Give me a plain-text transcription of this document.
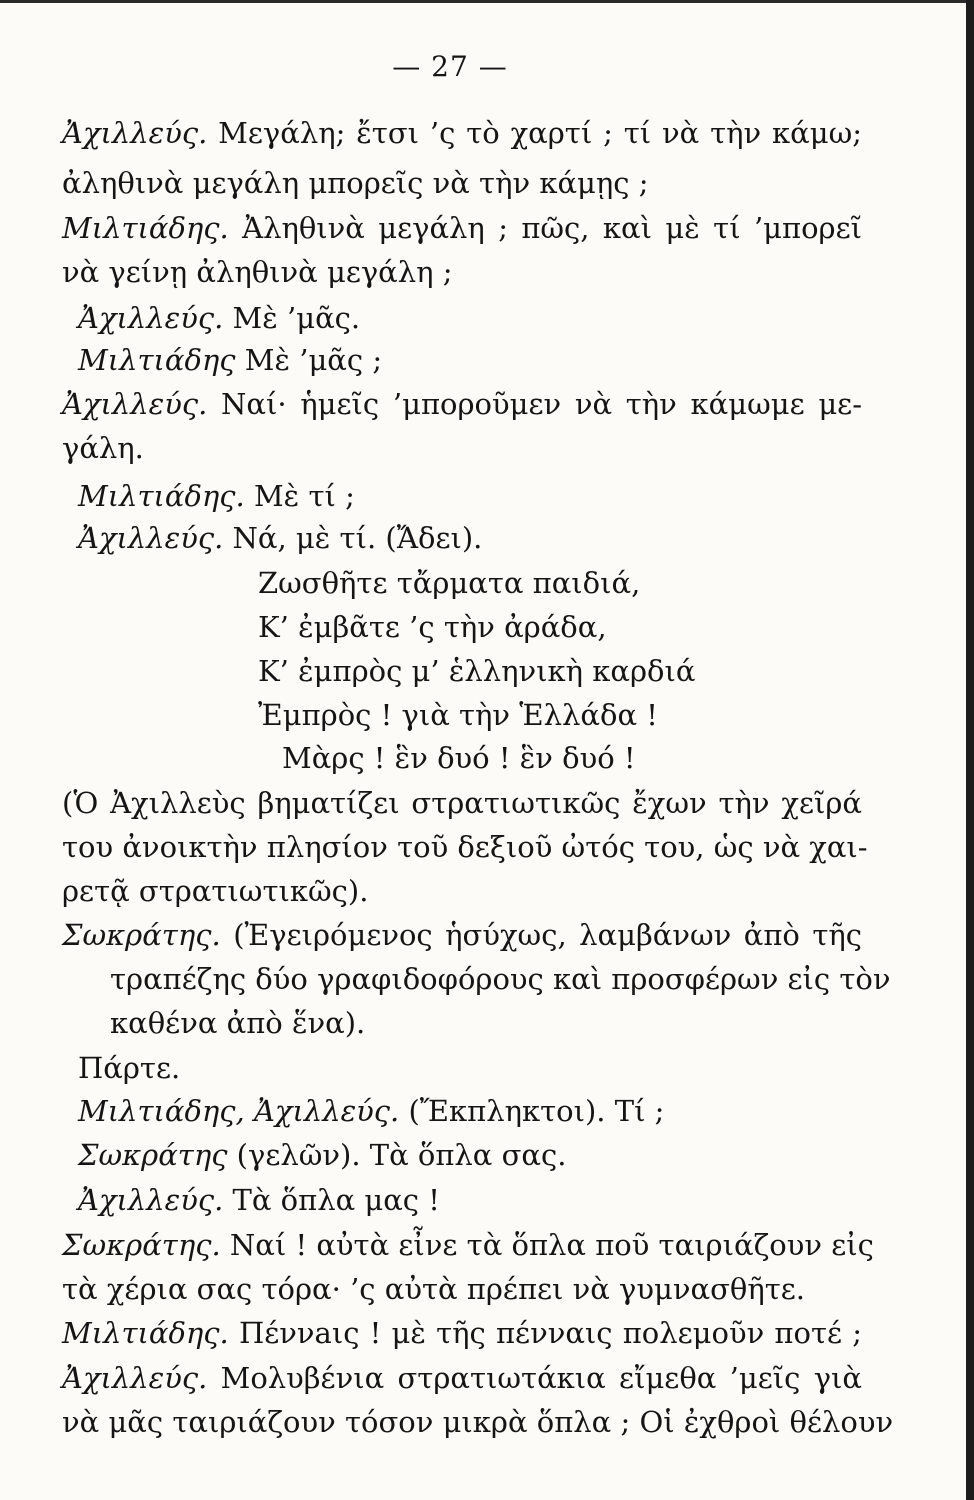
— 27 —
Ἀχιλλεύς. Μεγάλη; ἔτσι ’ς τὸ χαρτί ; τί νὰ τὴν κάμω;
ἀληθινὰ μεγάλη μπορεῖς νὰ τὴν κάμῃς ;
Μιλτιάδης. Ἀληθινὰ μεγάλη ; πῶς, καὶ μὲ τί ’μπορεῖ
νὰ γείνῃ ἀληθινὰ μεγάλη ;
Ἀχιλλεύς. Μὲ ’μᾶς.
Μιλτιάδης Μὲ ’μᾶς ;
Ἀχιλλεύς. Ναί· ἡμεῖς ’μποροῦμεν νὰ τὴν κάμωμε με-
γάλη.
Μιλτιάδης. Μὲ τί ;
Ἀχιλλεύς. Νά, μὲ τί. (Ἄδει).
Ζωσθῆτε τἄρματα παιδιά,
Κ’ ἐμβᾶτε ’ς τὴν ἀράδα,
Κ’ ἐμπρὸς μ’ ἑλληνικὴ καρδιά
Ἐμπρὸς ! γιὰ τὴν Ἑλλάδα !
Μὰρς ! ἓν δυό ! ἓν δυό !
(Ὁ Ἀχιλλεὺς βηματίζει στρατιωτικῶς ἔχων τὴν χεῖρά
του ἀνοικτὴν πλησίον τοῦ δεξιοῦ ὠτός του, ὡς νὰ χαι-
ρετᾷ στρατιωτικῶς).
Σωκράτης. (Ἐγειρόμενος ἡσύχως, λαμβάνων ἀπὸ τῆς
τραπέζης δύο γραφιδοφόρους καὶ προσφέρων εἰς τὸν
καθένα ἀπὸ ἕνα).
Πάρτε.
Μιλτιάδης, Ἀχιλλεύς. (Ἔκπληκτοι). Τί ;
Σωκράτης (γελῶν). Τὰ ὅπλα σας.
Ἀχιλλεύς. Τὰ ὅπλα μας !
Σωκράτης. Ναί ! αὐτὰ εἶνε τὰ ὅπλα ποῦ ταιριάζουν εἰς
τὰ χέρια σας τόρα· ’ς αὐτὰ πρέπει νὰ γυμνασθῆτε.
Μιλτιάδης. Πέννaις ! μὲ τῆς πένναις πολεμοῦν ποτέ ;
Ἀχιλλεύς. Μολυβένια στρατιωτάκια εἴμεθα ’μεῖς γιὰ
νὰ μᾶς ταιριάζουν τόσον μικρὰ ὅπλα ; Οἱ ἐχθροὶ θέλουν
